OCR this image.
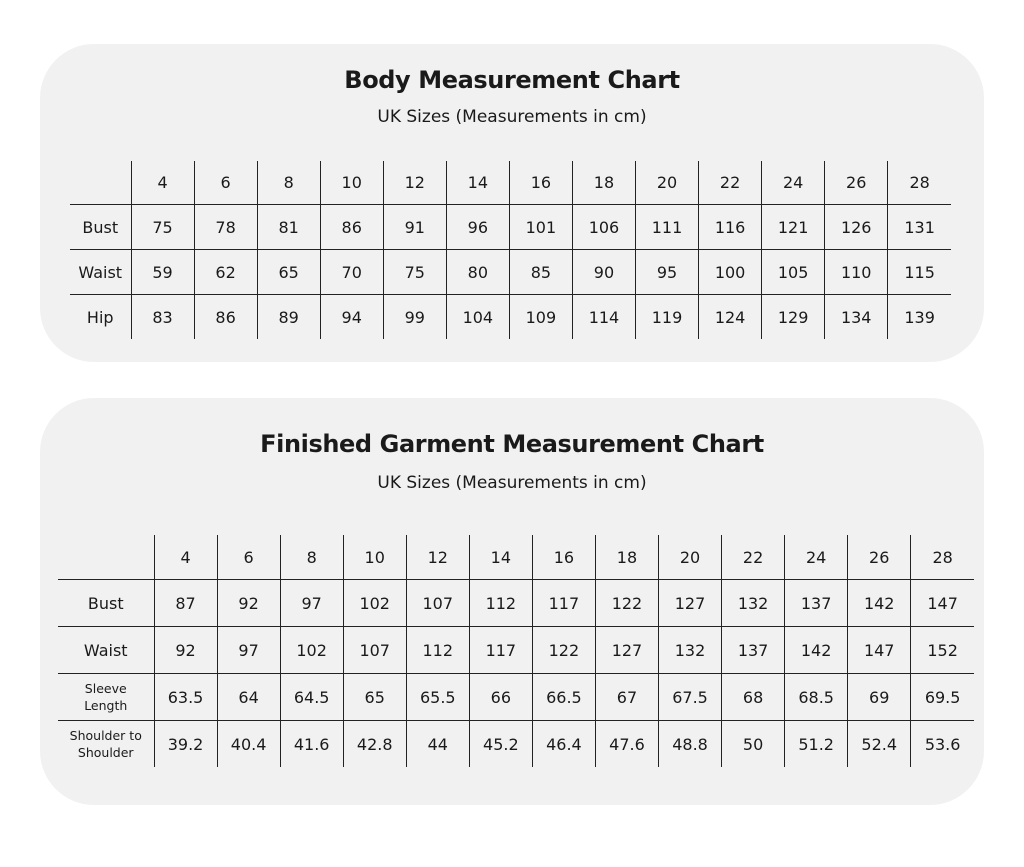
Body Measurement Chart
UK Sizes (Measurements in cm)
	4	6	8	10	12	14	16	18	20	22	24	26	28
Bust	75	78	81	86	91	96	101	106	111	116	121	126	131
Waist	59	62	65	70	75	80	85	90	95	100	105	110	115
Hip	83	86	89	94	99	104	109	114	119	124	129	134	139
Finished Garment Measurement Chart
UK Sizes (Measurements in cm)
	4	6	8	10	12	14	16	18	20	22	24	26	28
Bust	87	92	97	102	107	112	117	122	127	132	137	142	147
Waist	92	97	102	107	112	117	122	127	132	137	142	147	152

Sleeve
Length	63.5	64	64.5	65	65.5	66	66.5	67	67.5	68	68.5	69	69.5

Shoulder to
Shoulder	39.2	40.4	41.6	42.8	44	45.2	46.4	47.6	48.8	50	51.2	52.4	53.6
